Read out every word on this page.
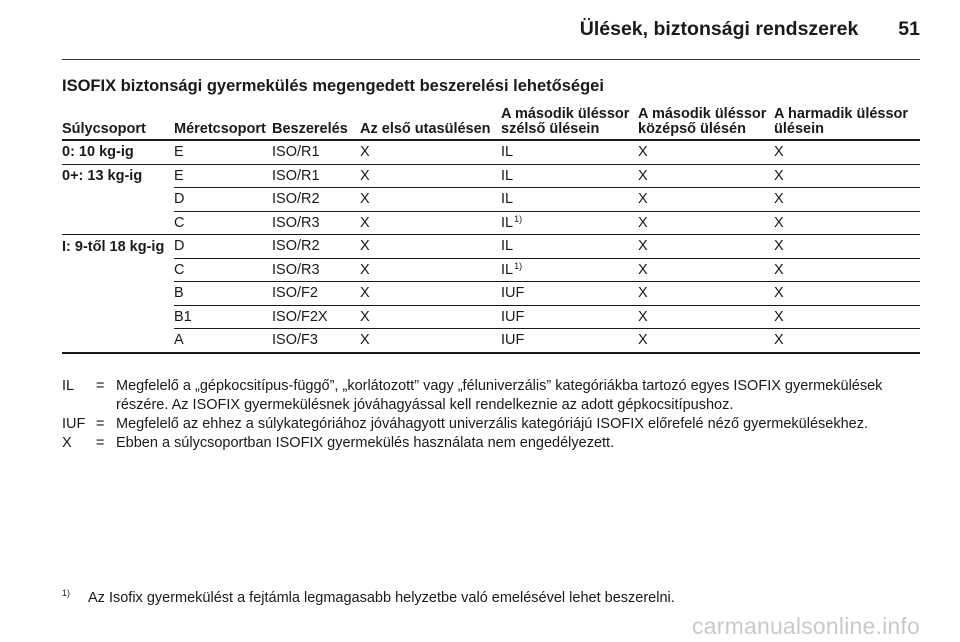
Ülések, biztonsági rendszerek 51
ISOFIX biztonsági gyermekülés megengedett beszerelési lehetőségei
Súlycsoport	Méretcsoport	Beszerelés	Az első utasülésen	A második üléssor szélső ülésein	A második üléssor középső ülésén	A harmadik üléssor ülésein
0: 10 kg-ig	E	ISO/R1	X	IL	X	X
0+: 13 kg-ig	E	ISO/R1	X	IL	X	X
	D	ISO/R2	X	IL	X	X
	C	ISO/R3	X	IL$^{1)}$	X	X
I: 9-től 18 kg-ig	D	ISO/R2	X	IL	X	X
	C	ISO/R3	X	IL$^{1)}$	X	X
	B	ISO/F2	X	IUF	X	X
	B1	ISO/F2X	X	IUF	X	X
	A	ISO/F3	X	IUF	X	X
IL	= Megfelelő a „gépkocsitípus-függő”, „korlátozott” vagy „féluniverzális” kategóriákba tartozó egyes ISOFIX gyermekülések részére. Az ISOFIX gyermekülésnek jóváhagyással kell rendelkeznie az adott gépkocsitípushoz.
IUF = Megfelelő az ehhez a súlykategóriához jóváhagyott univerzális kategóriájú ISOFIX előrefelé néző gyermekülésekhez.
X	= Ebben a súlycsoportban ISOFIX gyermekülés használata nem engedélyezett.
1)	Az Isofix gyermekülést a fejtámla legmagasabb helyzetbe való emelésével lehet beszerelni.
carmanualsonline.info
